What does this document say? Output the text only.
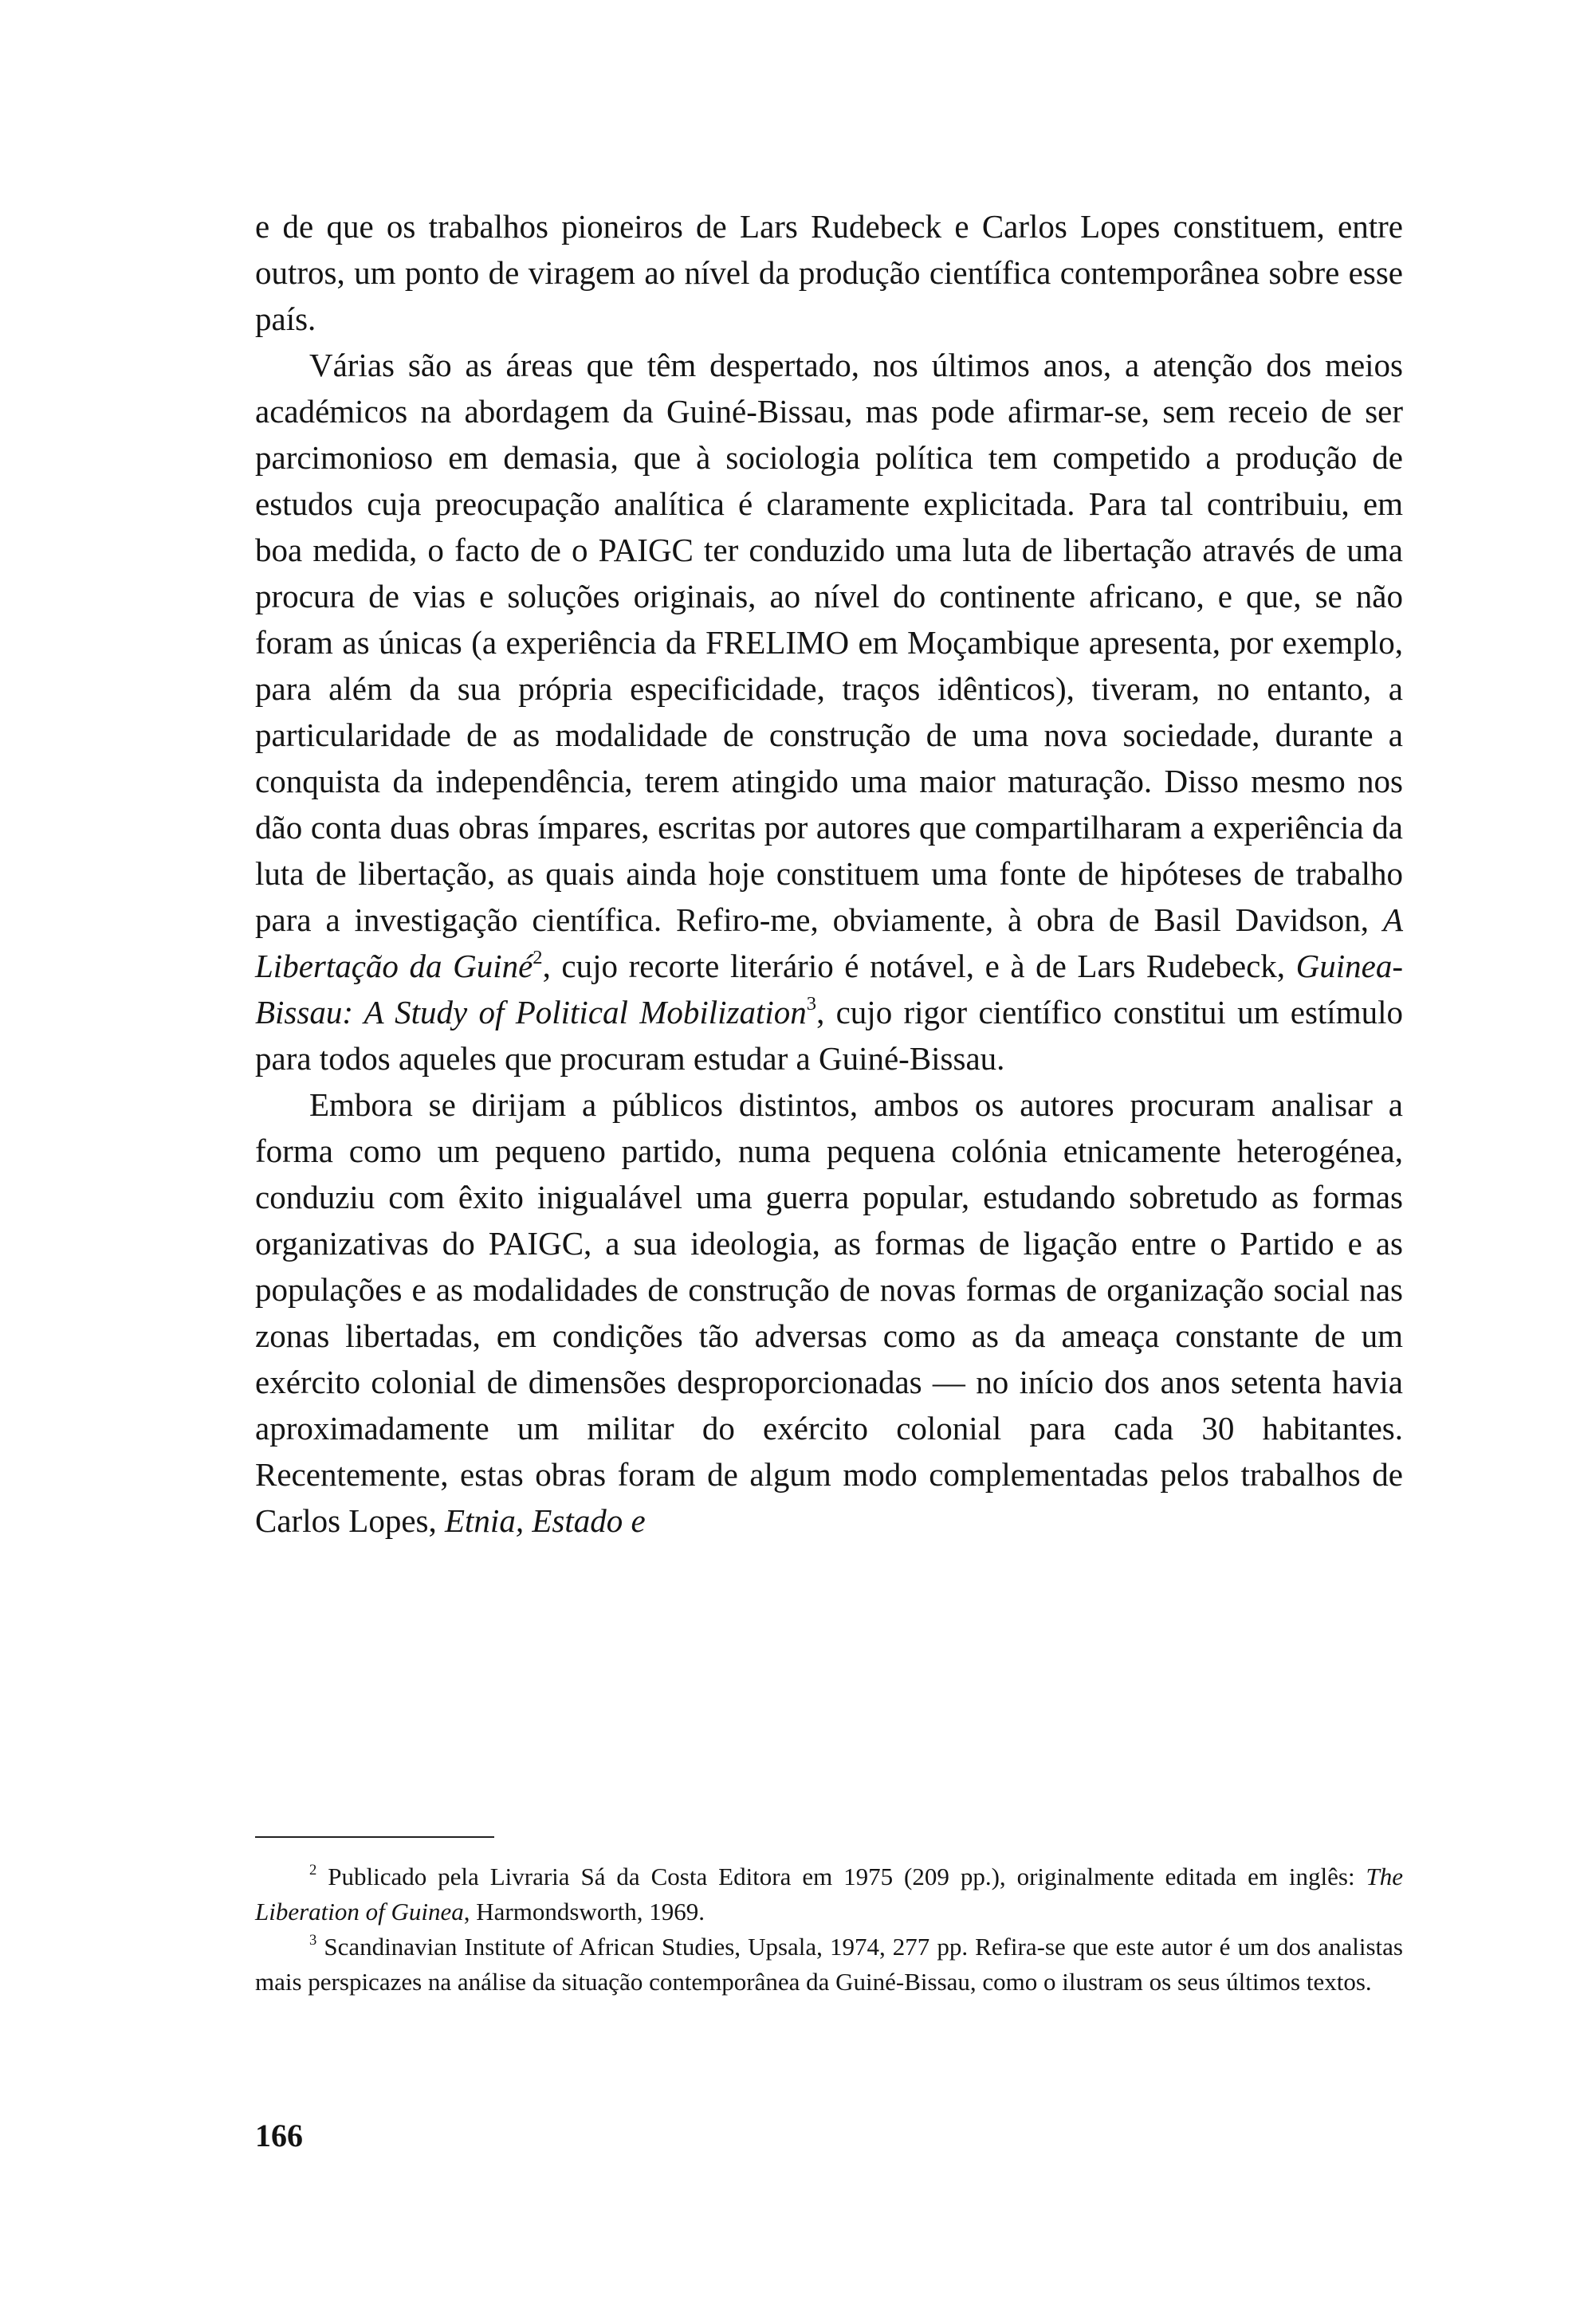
e de que os trabalhos pioneiros de Lars Rudebeck e Carlos Lopes constituem, entre outros, um ponto de viragem ao nível da produção científica contemporânea sobre esse país.

Várias são as áreas que têm despertado, nos últimos anos, a atenção dos meios académicos na abordagem da Guiné-Bissau, mas pode afirmar-se, sem receio de ser parcimonioso em demasia, que à sociologia política tem competido a produção de estudos cuja preocupação analítica é claramente explicitada. Para tal contribuiu, em boa medida, o facto de o PAIGC ter conduzido uma luta de libertação através de uma procura de vias e soluções originais, ao nível do continente africano, e que, se não foram as únicas (a experiência da FRELIMO em Moçambique apresenta, por exemplo, para além da sua própria especificidade, traços idênticos), tiveram, no entanto, a particularidade de as modalidade de construção de uma nova sociedade, durante a conquista da independência, terem atingido uma maior maturação. Disso mesmo nos dão conta duas obras ímpares, escritas por autores que compartilharam a experiência da luta de libertação, as quais ainda hoje constituem uma fonte de hipóteses de trabalho para a investigação científica. Refiro-me, obviamente, à obra de Basil Davidson, A Libertação da Guiné$^2$, cujo recorte literário é notável, e à de Lars Rudebeck, Guinea-Bissau: A Study of Political Mobilization$^3$, cujo rigor científico constitui um estímulo para todos aqueles que procuram estudar a Guiné-Bissau.

Embora se dirijam a públicos distintos, ambos os autores procuram analisar a forma como um pequeno partido, numa pequena colónia etnicamente heterogénea, conduziu com êxito inigualável uma guerra popular, estudando sobretudo as formas organizativas do PAIGC, a sua ideologia, as formas de ligação entre o Partido e as populações e as modalidades de construção de novas formas de organização social nas zonas libertadas, em condições tão adversas como as da ameaça constante de um exército colonial de dimensões desproporcionadas — no início dos anos setenta havia aproximadamente um militar do exército colonial para cada 30 habitantes. Recentemente, estas obras foram de algum modo complementadas pelos trabalhos de Carlos Lopes, Etnia, Estado e

$^2$ Publicado pela Livraria Sá da Costa Editora em 1975 (209 pp.), originalmente editada em inglês: The Liberation of Guinea, Harmondsworth, 1969.

$^3$ Scandinavian Institute of African Studies, Upsala, 1974, 277 pp. Refira-se que este autor é um dos analistas mais perspicazes na análise da situação contemporânea da Guiné-Bissau, como o ilustram os seus últimos textos.

166
